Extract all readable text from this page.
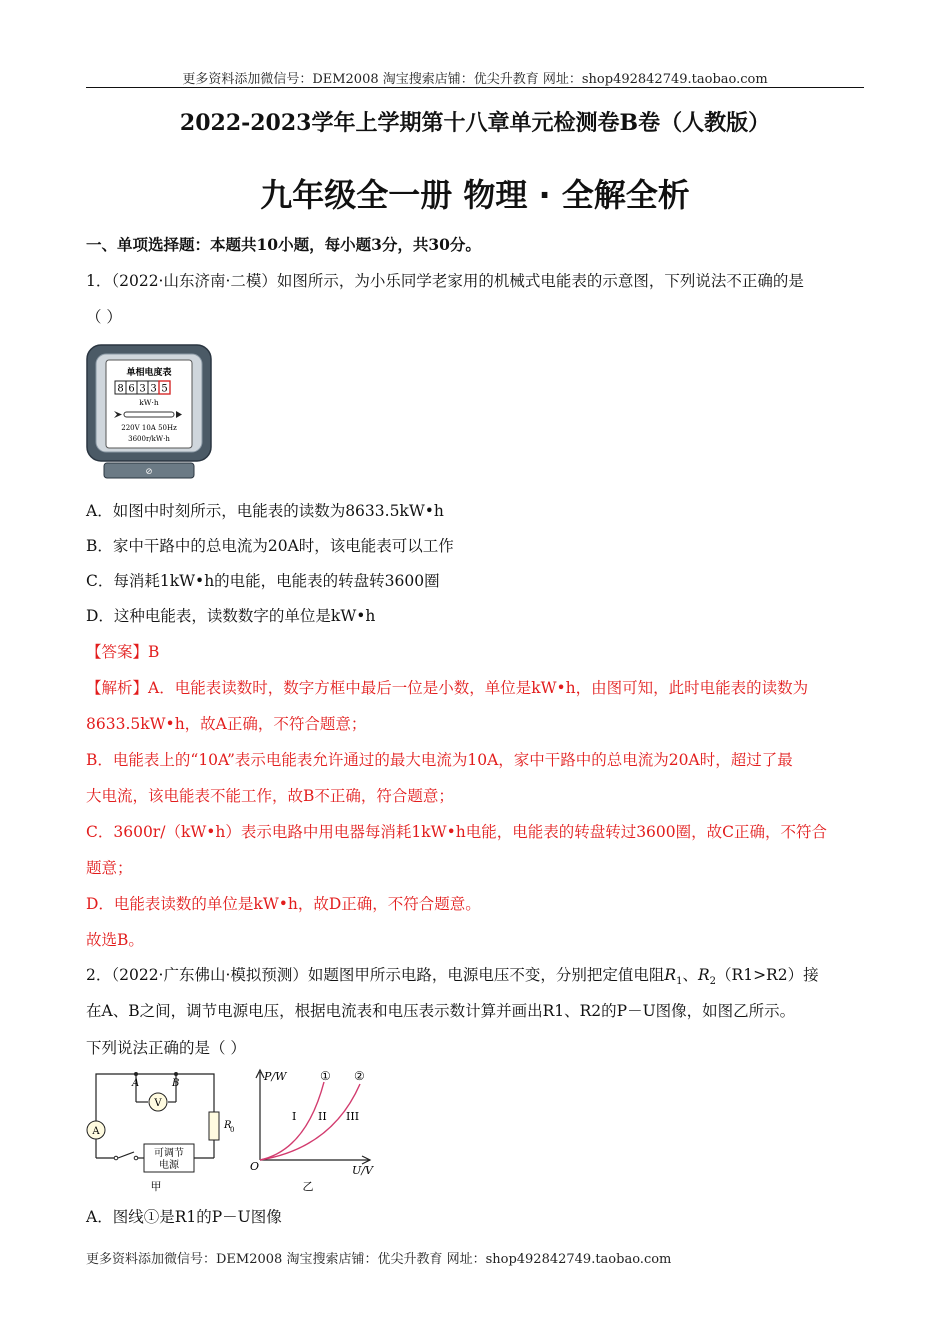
更多资料添加微信号：DEM2008 淘宝搜索店铺：优尖升教育 网址：shop492842749.taobao.com
2022-2023学年上学期第十八章单元检测卷B卷（人教版）
九年级全一册 物理 · 全解全析
一、单项选择题：本题共10小题，每小题3分，共30分。
1．（2022·山东济南·二模）如图所示，为小乐同学老家用的机械式电能表的示意图，下列说法不正确的是
（ ）
单相电度表
8 6 3 3 5
kW·h
220V 10A 50Hz
3600r/kW·h
⊘
A．如图中时刻所示，电能表的读数为8633.5kW•h
B．家中干路中的总电流为20A时，该电能表可以工作
C．每消耗1kW•h的电能，电能表的转盘转3600圈
D．这种电能表，读数数字的单位是kW•h
【答案】B
【解析】A．电能表读数时，数字方框中最后一位是小数，单位是kW•h，由图可知，此时电能表的读数为
8633.5kW•h，故A正确，不符合题意；
B．电能表上的“10A”表示电能表允许通过的最大电流为10A，家中干路中的总电流为20A时，超过了最
大电流，该电能表不能工作，故B不正确，符合题意；
C．3600r/（kW•h）表示电路中用电器每消耗1kW•h电能，电能表的转盘转过3600圈，故C正确，不符合
题意；
D．电能表读数的单位是kW•h，故D正确，不符合题意。
故选B。
2．（2022·广东佛山·模拟预测）如题图甲所示电路，电源电压不变，分别把定值电阻$R_1$、$R_2(R1>R2)$接
在A、B之间，调节电源电压，根据电流表和电压表示数计算并画出R1、R2的P－U图像，如图乙所示。
下列说法正确的是（ ）
V
A
R
0
A	B
可调节
电源
甲
P/W
U/V
O
① ②
I II III
乙
A．图线①是R1的P－U图像
更多资料添加微信号：DEM2008 淘宝搜索店铺：优尖升教育 网址：shop492842749.taobao.com
